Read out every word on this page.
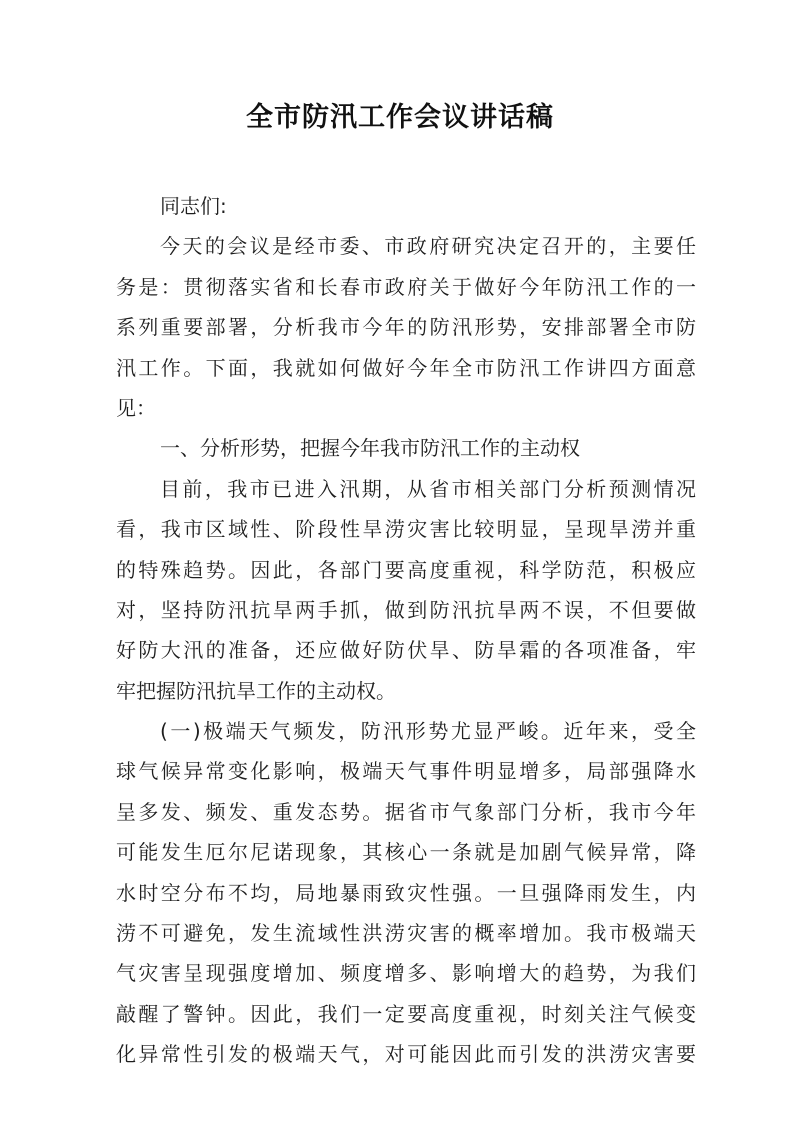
全市防汛工作会议讲话稿
同志们:
今天的会议是经市委、市政府研究决定召开的，主要任
务是：贯彻落实省和长春市政府关于做好今年防汛工作的一
系列重要部署，分析我市今年的防汛形势，安排部署全市防
汛工作。下面，我就如何做好今年全市防汛工作讲四方面意
见：
一、分析形势，把握今年我市防汛工作的主动权
目前，我市已进入汛期，从省市相关部门分析预测情况
看，我市区域性、阶段性旱涝灾害比较明显，呈现旱涝并重
的特殊趋势。因此，各部门要高度重视，科学防范，积极应
对，坚持防汛抗旱两手抓，做到防汛抗旱两不误，不但要做
好防大汛的准备，还应做好防伏旱、防旱霜的各项准备，牢
牢把握防汛抗旱工作的主动权。
(一)极端天气频发，防汛形势尤显严峻。近年来，受全
球气候异常变化影响，极端天气事件明显增多，局部强降水
呈多发、频发、重发态势。据省市气象部门分析，我市今年
可能发生厄尔尼诺现象，其核心一条就是加剧气候异常，降
水时空分布不均，局地暴雨致灾性强。一旦强降雨发生，内
涝不可避免，发生流域性洪涝灾害的概率增加。我市极端天
气灾害呈现强度增加、频度增多、影响增大的趋势，为我们
敲醒了警钟。因此，我们一定要高度重视，时刻关注气候变
化异常性引发的极端天气，对可能因此而引发的洪涝灾害要
